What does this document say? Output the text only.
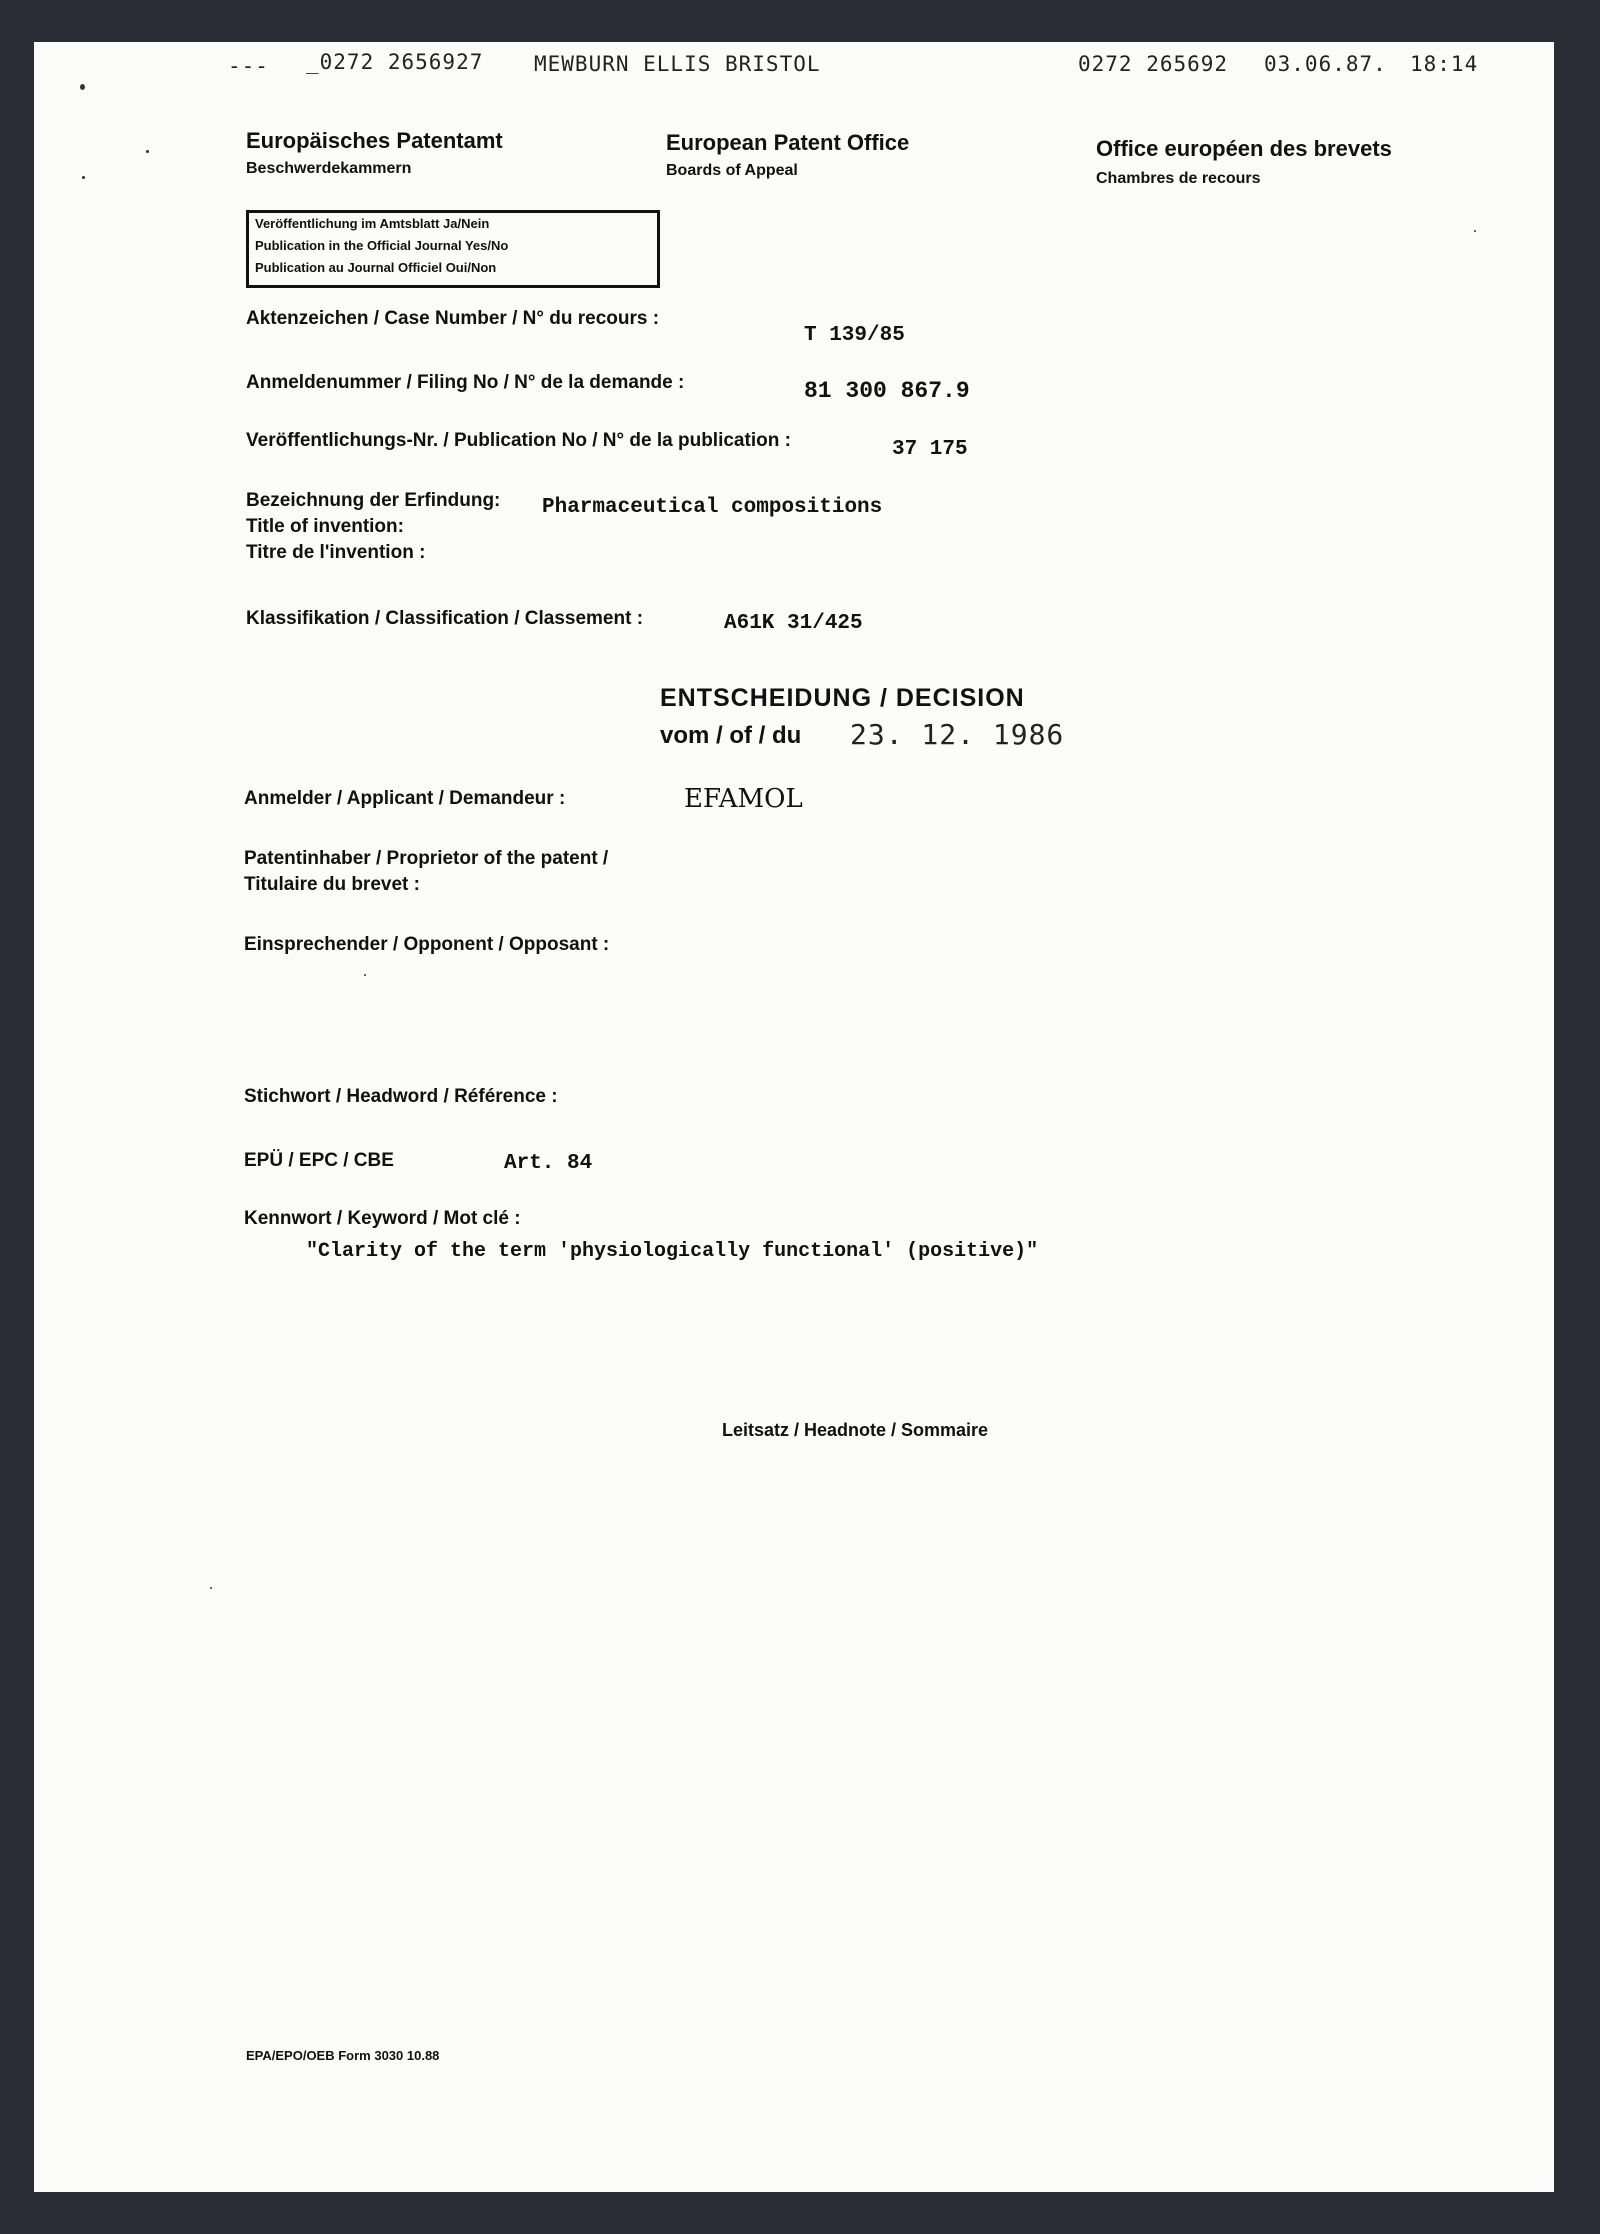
--- _0272 2656927 MEWBURN ELLIS BRISTOL	0272 265692 03.06.87. 18:14
Europäisches Patentamt
Beschwerdekammern
European Patent Office
Boards of Appeal
Office européen des brevets
Chambres de recours
Veröffentlichung im Amtsblatt Ja/Nein
Publication in the Official Journal Yes/No
Publication au Journal Officiel Oui/Non
Aktenzeichen / Case Number / N° du recours :
T 139/85
Anmeldenummer / Filing No / N° de la demande :	81 300 867.9
Veröffentlichungs-Nr. / Publication No / N° de la publication :	37 175
Bezeichnung der Erfindung: Pharmaceutical compositions
Title of invention:
Titre de l'invention :
Klassifikation / Classification / Classement :	A61K 31/425
ENTSCHEIDUNG / DECISION
vom / of / du 23. 12. 1986
Anmelder / Applicant / Demandeur :	EFAMOL
Patentinhaber / Proprietor of the patent /
Titulaire du brevet :
Einsprechender / Opponent / Opposant :
Stichwort / Headword / Référence :
EPÜ / EPC / CBE	Art. 84
Kennwort / Keyword / Mot clé :
"Clarity of the term 'physiologically functional' (positive)"
Leitsatz / Headnote / Sommaire
EPA/EPO/OEB Form 3030 10.88
